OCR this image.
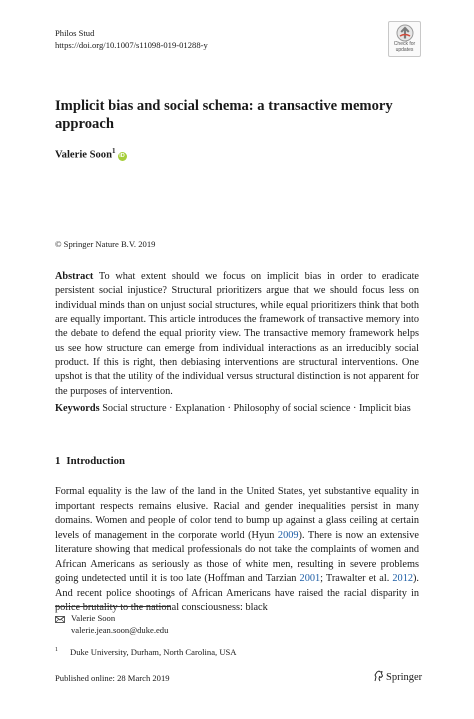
Philos Stud
https://doi.org/10.1007/s11098-019-01288-y	Check for
updates
Implicit bias and social schema: a transactive memory approach
Valerie Soon$^1$iD
© Springer Nature B.V. 2019

Abstract To what extent should we focus on implicit bias in order to eradicate persistent social injustice? Structural prioritizers argue that we should focus less on individual minds than on unjust social structures, while equal prioritizers think that both are equally important. This article introduces the framework of transactive memory into the debate to defend the equal priority view. The transactive memory framework helps us see how structure can emerge from individual interactions as an irreducibly social product. If this is right, then debiasing interventions are structural interventions. One upshot is that the utility of the individual versus structural distinction is not apparent for the purposes of intervention.

Keywords Social structure · Explanation · Philosophy of social science · Implicit bias

1 Introduction

Formal equality is the law of the land in the United States, yet substantive equality in important respects remains elusive. Racial and gender inequalities persist in many domains. Women and people of color tend to bump up against a glass ceiling at certain levels of management in the corporate world (Hyun 2009). There is now an extensive literature showing that medical professionals do not take the complaints of women and African Americans as seriously as those of white men, resulting in severe problems going undetected until it is too late (Hoffman and Tarzian 2001; Trawalter et al. 2012). And recent police shootings of African Americans have raised the racial disparity in police brutality to the national consciousness: black

Valerie Soon
valerie.jean.soon@duke.edu
$^1$ Duke University, Durham, North Carolina, USA
Published online: 28 March 2019	Springer
